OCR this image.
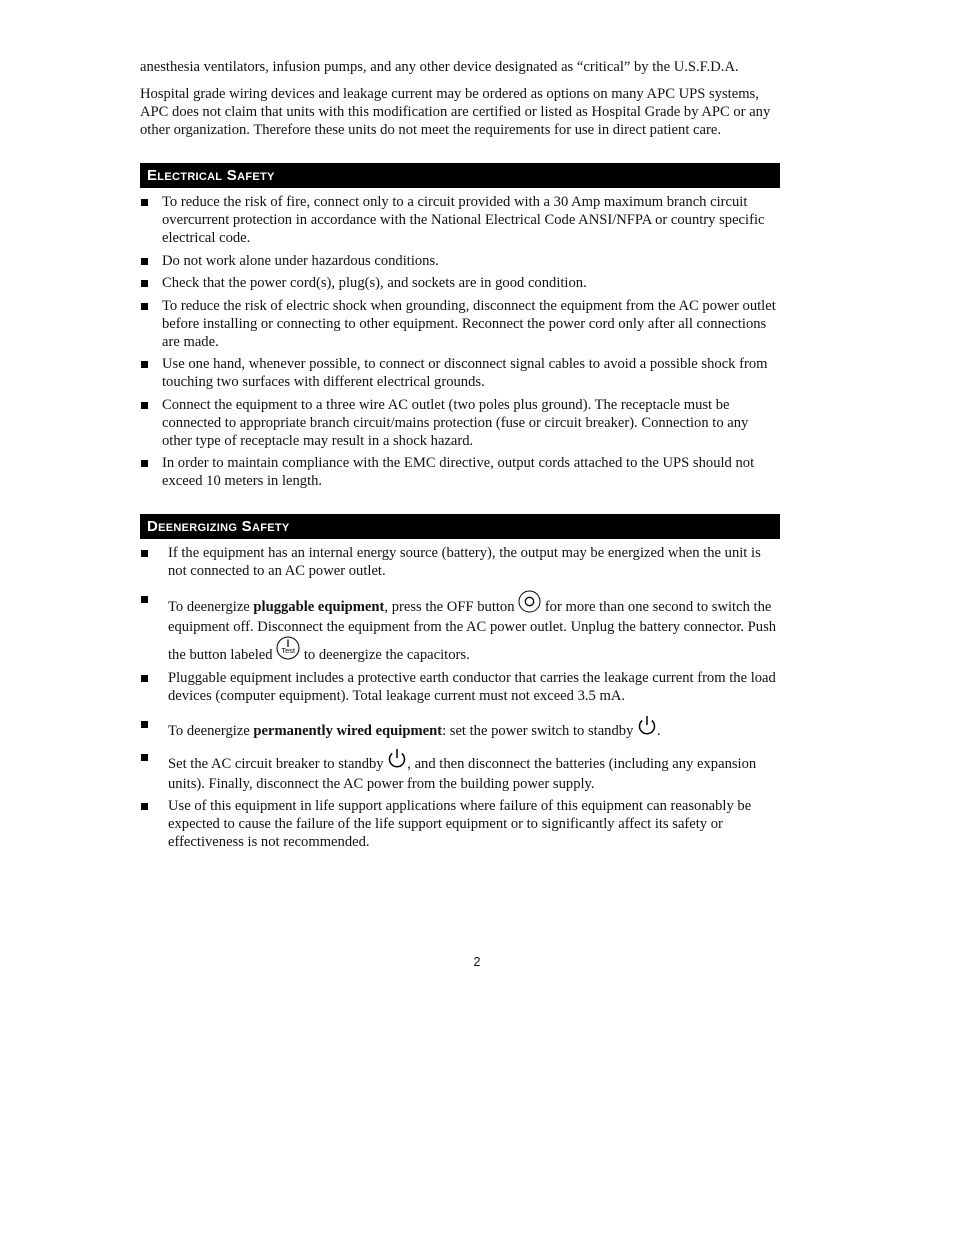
anesthesia ventilators, infusion pumps, and any other device designated as “critical” by the U.S.F.D.A.

Hospital grade wiring devices and leakage current may be ordered as options on many APC UPS systems, APC does not claim that units with this modification are certified or listed as Hospital Grade by APC or any other organization. Therefore these units do not meet the requirements for use in direct patient care.

Electrical Safety
To reduce the risk of fire, connect only to a circuit provided with a 30 Amp maximum branch circuit overcurrent protection in accordance with the National Electrical Code ANSI/NFPA or country specific electrical code.
Do not work alone under hazardous conditions.
Check that the power cord(s), plug(s), and sockets are in good condition.
To reduce the risk of electric shock when grounding, disconnect the equipment from the AC power outlet before installing or connecting to other equipment. Reconnect the power cord only after all connections are made.
Use one hand, whenever possible, to connect or disconnect signal cables to avoid a possible shock from touching two surfaces with different electrical grounds.
Connect the equipment to a three wire AC outlet (two poles plus ground). The receptacle must be connected to appropriate branch circuit/mains protection (fuse or circuit breaker). Connection to any other type of receptacle may result in a shock hazard.
In order to maintain compliance with the EMC directive, output cords attached to the UPS should not exceed 10 meters in length.
Deenergizing Safety
If the equipment has an internal energy source (battery), the output may be energized when the unit is not connected to an AC power outlet.
To deenergize pluggable equipment, press the OFF button  for more than one second to switch the equipment off. Disconnect the equipment from the AC power outlet. Unplug the battery connector. Push the button labeled Test to deenergize the capacitors.
Pluggable equipment includes a protective earth conductor that carries the leakage current from the load devices (computer equipment). Total leakage current must not exceed 3.5 mA.
To deenergize permanently wired equipment: set the power switch to standby .
Set the AC circuit breaker to standby , and then disconnect the batteries (including any expansion units). Finally, disconnect the AC power from the building power supply.
Use of this equipment in life support applications where failure of this equipment can reasonably be expected to cause the failure of the life support equipment or to significantly affect its safety or effectiveness is not recommended.
2
